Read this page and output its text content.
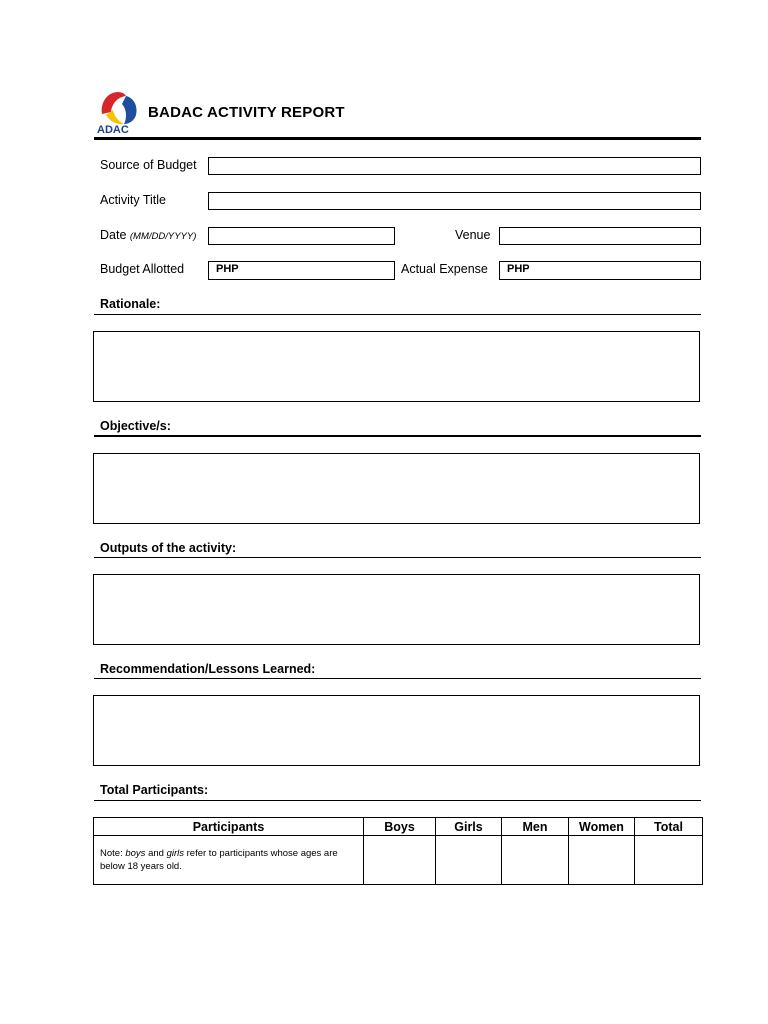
ADAC
BADAC ACTIVITY REPORT
Source of Budget
Activity Title
Date (MM/DD/YYYY)	Venue
Budget Allotted	PHP	Actual Expense	PHP
Rationale:
Objective/s:
Outputs of the activity:
Recommendation/Lessons Learned:
Total Participants:
Participants	Boys	Girls	Men	Women	Total
Note: boys and girls refer to participants whose ages are below 18 years old.					
